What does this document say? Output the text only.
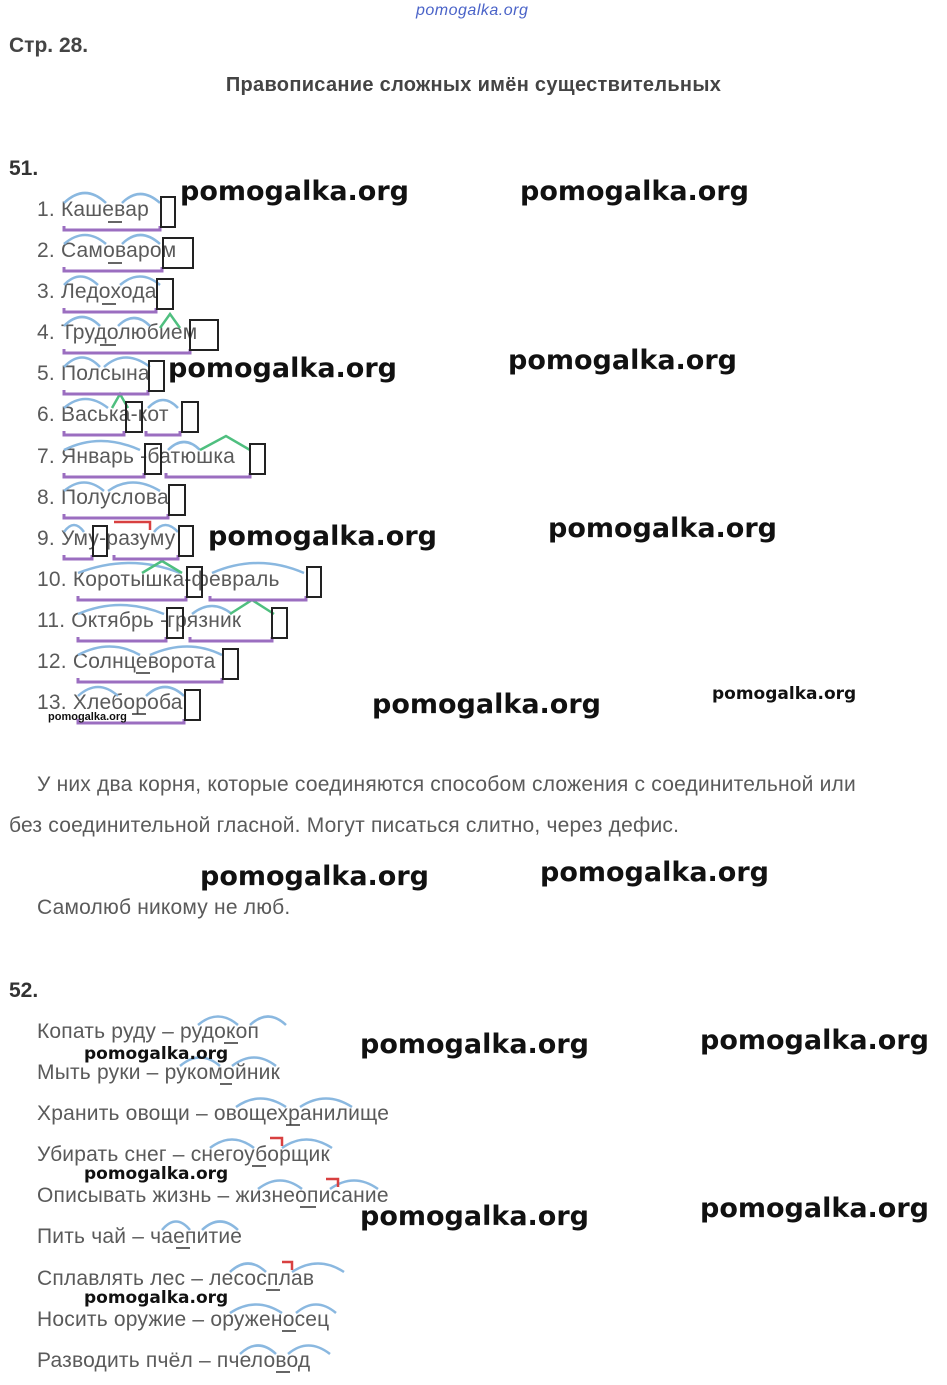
pomogalka.org
Стр. 28.
Правописание сложных имён существительных
51.
1. Кашевар
2. Самоваром
3. Ледохода
4. Трудолюбием
5. Полсына
6. Васька-кот
7. Январь -батюшка
8. Полуслова
9. Уму-разуму
10. Коротышка-февраль
11. Октябрь -грязник
12. Солнцеворота
13. Хлебороба
У них два корня, которые соединяются способом сложения с соединительной или
без соединительной гласной. Могут писаться слитно, через дефис.
Самолюб никому не люб.
52.
Копать руду – рудокоп
Мыть руки – рукомойник
Хранить овощи – овощехранилище
Убирать снег – снегоуборщик
Описывать жизнь – жизнеописание
Пить чай – чаепитие
Сплавлять лес – лесосплав
Носить оружие – оруженосец
Разводить пчёл – пчеловод
pomogalka.org	pomogalka.org
pomogalka.org	pomogalka.org
pomogalka.org	pomogalka.org
pomogalka.org	pomogalka.org
pomogalka.org
pomogalka.org	pomogalka.org
pomogalka.org	pomogalka.org
pomogalka.org
pomogalka.org
pomogalka.org	pomogalka.org
pomogalka.org
